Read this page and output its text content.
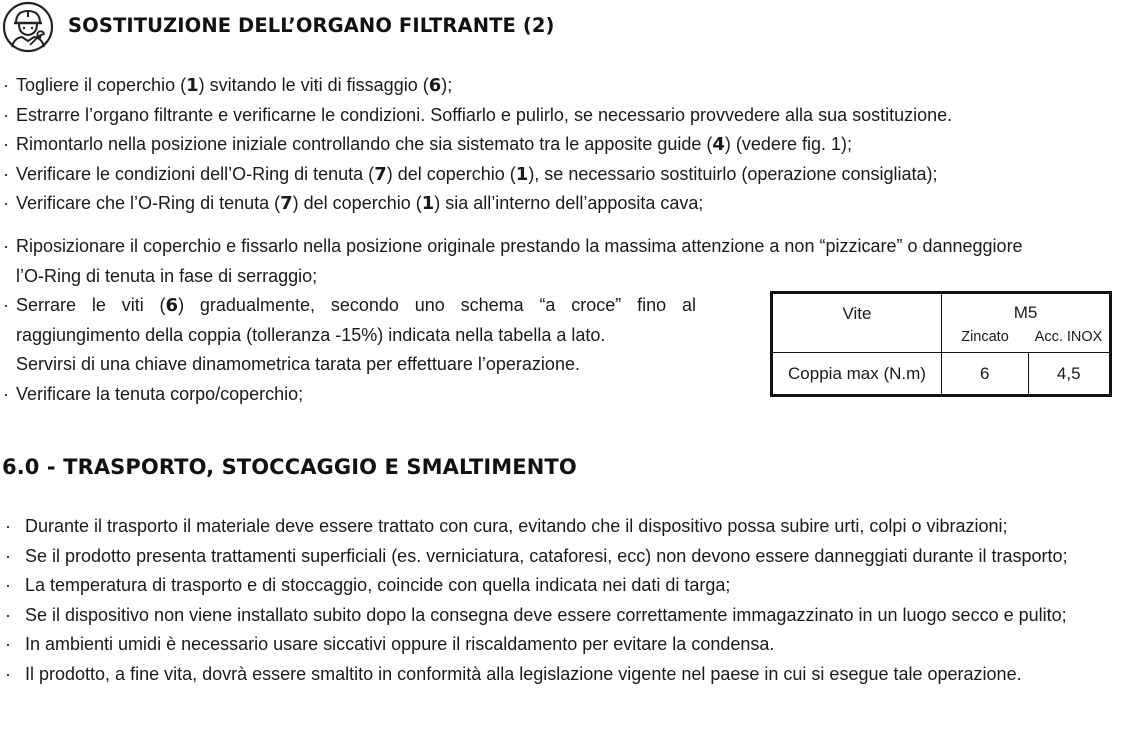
SOSTITUZIONE DELL’ORGANO FILTRANTE (2)
· Togliere il coperchio (1) svitando le viti di fissaggio (6);
· Estrarre l’organo filtrante e verificarne le condizioni. Soffiarlo e pulirlo, se necessario provvedere alla sua sostituzione.
· Rimontarlo nella posizione iniziale controllando che sia sistemato tra le apposite guide (4) (vedere fig. 1);
· Verificare le condizioni dell’O-Ring di tenuta (7) del coperchio (1), se necessario sostituirlo (operazione consigliata);
· Verificare che l’O-Ring di tenuta (7) del coperchio (1) sia all’interno dell’apposita cava;
· Riposizionare il coperchio e fissarlo nella posizione originale prestando la massima attenzione a non “pizzicare” o danneggiore
l’O-Ring di tenuta in fase di serraggio;
· Serrare le viti (6) gradualmente, secondo uno schema “a croce” fino al
raggiungimento della coppia (tolleranza -15%) indicata nella tabella a lato.
Servirsi di una chiave dinamometrica tarata per effettuare l’operazione.
· Verificare la tenuta corpo/coperchio;
Vite	M5	
	Zincato	Acc. INOX
Coppia max (N.m)	6	4,5
6.0 - TRASPORTO, STOCCAGGIO E SMALTIMENTO
· Durante il trasporto il materiale deve essere trattato con cura, evitando che il dispositivo possa subire urti, colpi o vibrazioni;
· Se il prodotto presenta trattamenti superficiali (es. verniciatura, cataforesi, ecc) non devono essere danneggiati durante il trasporto;
· La temperatura di trasporto e di stoccaggio, coincide con quella indicata nei dati di targa;
· Se il dispositivo non viene installato subito dopo la consegna deve essere correttamente immagazzinato in un luogo secco e pulito;
· In ambienti umidi è necessario usare siccativi oppure il riscaldamento per evitare la condensa.
· Il prodotto, a fine vita, dovrà essere smaltito in conformità alla legislazione vigente nel paese in cui si esegue tale operazione.
